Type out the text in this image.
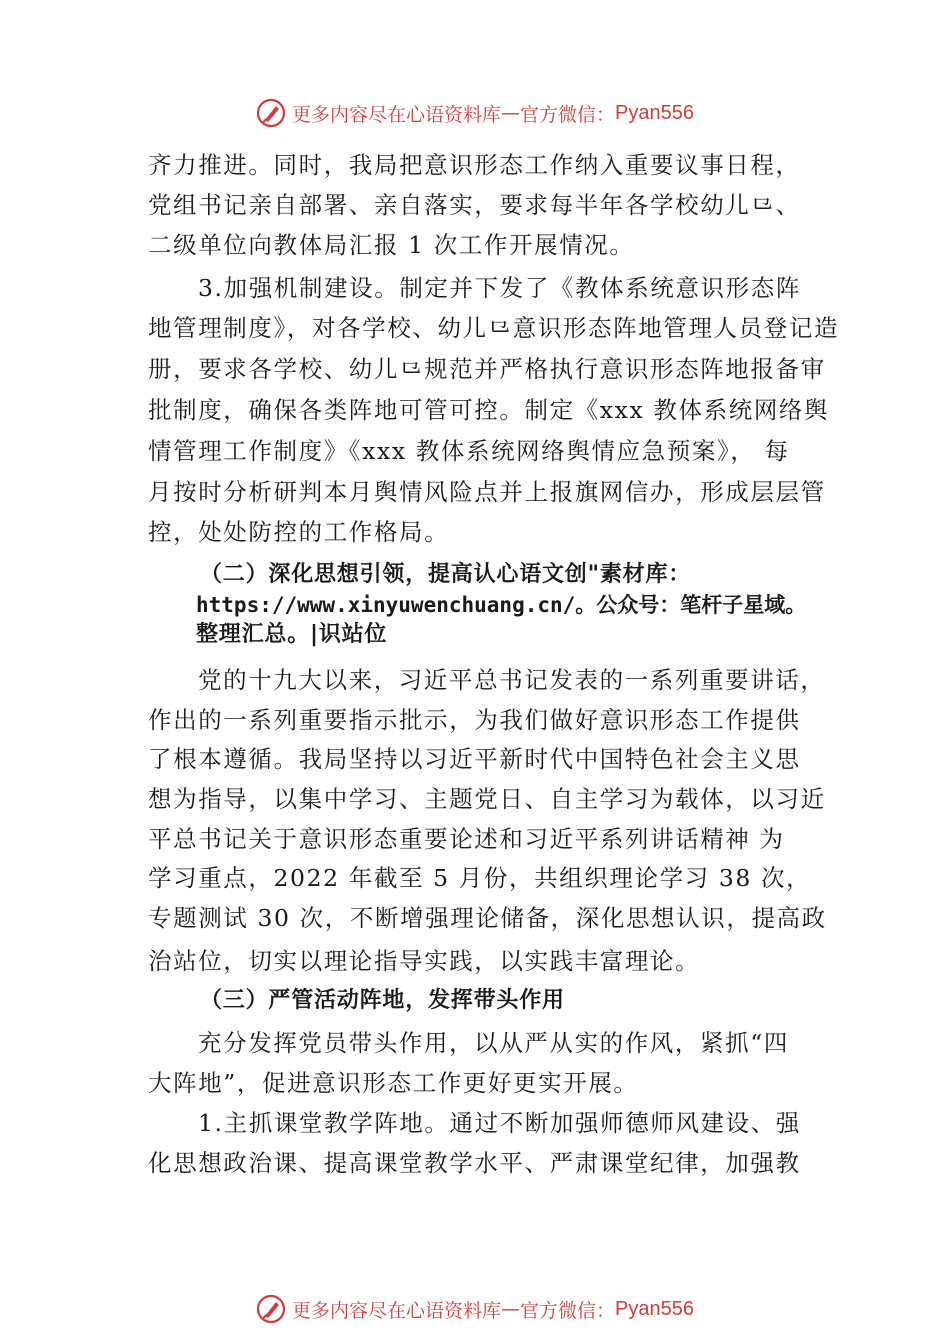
更多内容尽在心语资料库 — 官方微信： Pyan556
齐力推进。同时，我局把意识形态工作纳入重要议事日程，
党组书记亲自部署、亲自落实，要求每半年各学校幼儿⺋、
二级单位向教体局汇报 1 次工作开展情况。
3.加强机制建设。制定并下发了《教体系统意识形态阵
地管理制度》，对各学校、幼儿⺋意识形态阵地管理人员登记造
册，要求各学校、幼儿⺋规范并严格执行意识形态阵地报备审
批制度，确保各类阵地可管可控。制定《xxx 教体系统网络舆
情管理工作制度》《xxx 教体系统网络舆情应急预案》， 每
月按时分析研判本月舆情风险点并上报旗网信办，形成层层管
控，处处防控的工作格局。
（二）深化思想引领，提高认心语文创"素材库：
https://www.xinyuwenchuang.cn/。公众号：笔杆子星域。
整理汇总。|识站位
党的十九大以来，习近平总书记发表的一系列重要讲话，
作出的一系列重要指示批示，为我们做好意识形态工作提供
了根本遵循。我局坚持以习近平新时代中国特色社会主义思
想为指导，以集中学习、主题党日、自主学习为载体，以习近
平总书记关于意识形态重要论述和习近平系列讲话精神 为
学习重点，2022 年截至 5 月份，共组织理论学习 38 次，
专题测试 30 次，不断增强理论储备，深化思想认识，提高政
治站位，切实以理论指导实践，以实践丰富理论。
（三）严管活动阵地，发挥带头作用
充分发挥党员带头作用，以从严从实的作风，紧抓“四
大阵地”，促进意识形态工作更好更实开展。
1.主抓课堂教学阵地。通过不断加强师德师风建设、强
化思想政治课、提高课堂教学水平、严肃课堂纪律，加强教
更多内容尽在心语资料库 — 官方微信： Pyan556
